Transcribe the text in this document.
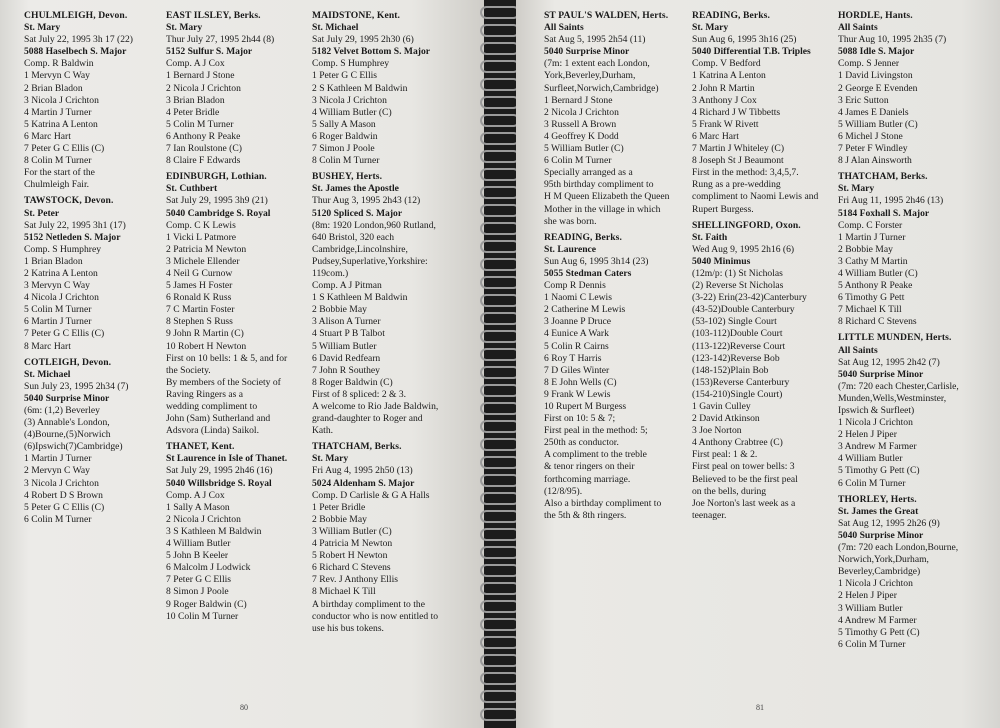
CHULMLEIGH, Devon.
St. Mary
Sat July 22, 1995 3h 17 (22)
5088 Haselbech S. Major
Comp. R Baldwin
1 Mervyn C Way
2 Brian Bladon
3 Nicola J Crichton
4 Martin J Turner
5 Katrina A Lenton
6 Marc Hart
7 Peter G C Ellis (C)
8 Colin M Turner
For the start of the
Chulmleigh Fair.
TAWSTOCK, Devon.
St. Peter
Sat July 22, 1995 3h1 (17)
5152 Netleden S. Major
Comp. S Humphrey
1 Brian Bladon
2 Katrina A Lenton
3 Mervyn C Way
4 Nicola J Crichton
5 Colin M Turner
6 Martin J Turner
7 Peter G C Ellis (C)
8 Marc Hart
COTLEIGH, Devon.
St. Michael
Sun July 23, 1995 2h34 (7)
5040 Surprise Minor
(6m: (1,2) Beverley
(3) Annable's London,
(4)Bourne,(5)Norwich
(6)Ipswich(7)Cambridge)
1 Martin J Turner
2 Mervyn C Way
3 Nicola J Crichton
4 Robert D S Brown
5 Peter G C Ellis (C)
6 Colin M Turner
EAST ILSLEY, Berks.
St. Mary
Thur July 27, 1995 2h44 (8)
5152 Sulfur S. Major
Comp. A J Cox
1 Bernard J Stone
2 Nicola J Crichton
3 Brian Bladon
4 Peter Bridle
5 Colin M Turner
6 Anthony R Peake
7 Ian Roulstone (C)
8 Claire F Edwards
EDINBURGH, Lothian.
St. Cuthbert
Sat July 29, 1995 3h9 (21)
5040 Cambridge S. Royal
Comp. C K Lewis
1 Vicki L Patmore
2 Patricia M Newton
3 Michele Ellender
4 Neil G Curnow
5 James H Foster
6 Ronald K Russ
7 C Martin Foster
8 Stephen S Russ
9 John R Martin (C)
10 Robert H Newton
First on 10 bells: 1 & 5, and for
the Society.
By members of the Society of
Raving Ringers as a
wedding compliment to
John (Sam) Sutherland and
Adsvora (Linda) Saikol.
THANET, Kent.
St Laurence in Isle of Thanet.
Sat July 29, 1995 2h46 (16)
5040 Willsbridge S. Royal
Comp. A J Cox
1 Sally A Mason
2 Nicola J Crichton
3 S Kathleen M Baldwin
4 William Butler
5 John B Keeler
6 Malcolm J Lodwick
7 Peter G C Ellis
8 Simon J Poole
9 Roger Baldwin (C)
10 Colin M Turner
MAIDSTONE, Kent.
St. Michael
Sat July 29, 1995 2h30 (6)
5182 Velvet Bottom S. Major
Comp. S Humphrey
1 Peter G C Ellis
2 S Kathleen M Baldwin
3 Nicola J Crichton
4 William Butler (C)
5 Sally A Mason
6 Roger Baldwin
7 Simon J Poole
8 Colin M Turner
BUSHEY, Herts.
St. James the Apostle
Thur Aug 3, 1995 2h43 (12)
5120 Spliced S. Major
(8m: 1920 London,960 Rutland,
640 Bristol, 320 each
Cambridge,Lincolnshire,
Pudsey,Superlative,Yorkshire:
119com.)
Comp. A J Pitman
1 S Kathleen M Baldwin
2 Bobbie May
3 Alison A Turner
4 Stuart P B Talbot
5 William Butler
6 David Redfearn
7 John R Southey
8 Roger Baldwin (C)
First of 8 spliced: 2 & 3.
A welcome to Rio Jade Baldwin,
grand-daughter to Roger and
Kath.
THATCHAM, Berks.
St. Mary
Fri Aug 4, 1995 2h50 (13)
5024 Aldenham S. Major
Comp. D Carlisle & G A Halls
1 Peter Bridle
2 Bobbie May
3 William Butler (C)
4 Patricia M Newton
5 Robert H Newton
6 Richard C Stevens
7 Rev. J Anthony Ellis
8 Michael K Till
A birthday compliment to the
conductor who is now entitled to
use his bus tokens.
80
ST PAUL'S WALDEN, Herts.
All Saints
Sat Aug 5, 1995 2h54 (11)
5040 Surprise Minor
(7m: 1 extent each London,
York,Beverley,Durham,
Surfleet,Norwich,Cambridge)
1 Bernard J Stone
2 Nicola J Crichton
3 Russell A Brown
4 Geoffrey K Dodd
5 William Butler (C)
6 Colin M Turner
Specially arranged as a
95th birthday compliment to
H M Queen Elizabeth the Queen
Mother in the village in which
she was born.
READING, Berks.
St. Laurence
Sun Aug 6, 1995 3h14 (23)
5055 Stedman Caters
Comp R Dennis
1 Naomi C Lewis
2 Catherine M Lewis
3 Joanne P Druce
4 Eunice A Wark
5 Colin R Cairns
6 Roy T Harris
7 D Giles Winter
8 E John Wells (C)
9 Frank W Lewis
10 Rupert M Burgess
First on 10: 5 & 7;
First peal in the method: 5;
250th as conductor.
A compliment to the treble
& tenor ringers on their
forthcoming marriage.
(12/8/95).
Also a birthday compliment to
the 5th & 8th ringers.
READING, Berks.
St. Mary
Sun Aug 6, 1995 3h16 (25)
5040 Differential T.B. Triples
Comp. V Bedford
1 Katrina A Lenton
2 John R Martin
3 Anthony J Cox
4 Richard J W Tibbetts
5 Frank W Rivett
6 Marc Hart
7 Martin J Whiteley (C)
8 Joseph St J Beaumont
First in the method: 3,4,5,7.
Rung as a pre-wedding
compliment to Naomi Lewis and
Rupert Burgess.
SHELLINGFORD, Oxon.
St. Faith
Wed Aug 9, 1995 2h16 (6)
5040 Minimus
(12m/p: (1) St Nicholas
(2) Reverse St Nicholas
(3-22) Erin(23-42)Canterbury
(43-52)Double Canterbury
(53-102) Single Court
(103-112)Double Court
(113-122)Reverse Court
(123-142)Reverse Bob
(148-152)Plain Bob
(153)Reverse Canterbury
(154-210)Single Court)
1 Gavin Culley
2 David Atkinson
3 Joe Norton
4 Anthony Crabtree (C)
First peal: 1 & 2.
First peal on tower bells: 3
Believed to be the first peal
on the bells, during
Joe Norton's last week as a
teenager.
HORDLE, Hants.
All Saints
Thur Aug 10, 1995 2h35 (7)
5088 Idle S. Major
Comp. S Jenner
1 David Livingston
2 George E Evenden
3 Eric Sutton
4 James E Daniels
5 William Butler (C)
6 Michel J Stone
7 Peter F Windley
8 J Alan Ainsworth
THATCHAM, Berks.
St. Mary
Fri Aug 11, 1995 2h46 (13)
5184 Foxhall S. Major
Comp. C Forster
1 Martin J Turner
2 Bobbie May
3 Cathy M Martin
4 William Butler (C)
5 Anthony R Peake
6 Timothy G Pett
7 Michael K Till
8 Richard C Stevens
LITTLE MUNDEN, Herts.
All Saints
Sat Aug 12, 1995 2h42 (7)
5040 Surprise Minor
(7m: 720 each Chester,Carlisle,
Munden,Wells,Westminster,
Ipswich & Surfleet)
1 Nicola J Crichton
2 Helen J Piper
3 Andrew M Farmer
4 William Butler
5 Timothy G Pett (C)
6 Colin M Turner
THORLEY, Herts.
St. James the Great
Sat Aug 12, 1995 2h26 (9)
5040 Surprise Minor
(7m: 720 each London,Bourne,
Norwich,York,Durham,
Beverley,Cambridge)
1 Nicola J Crichton
2 Helen J Piper
3 William Butler
4 Andrew M Farmer
5 Timothy G Pett (C)
6 Colin M Turner
81
